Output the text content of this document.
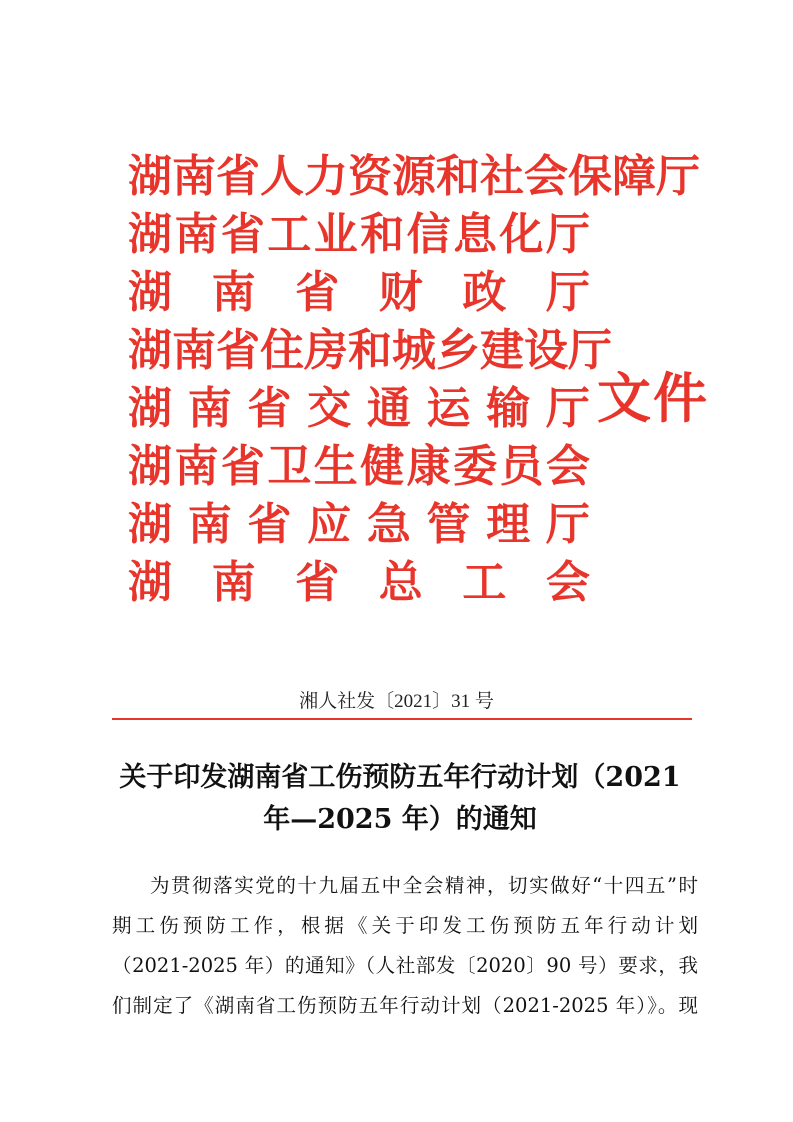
湖 南 省 人 力 资 源 和 社 会 保 障 厅
湖 南 省 工 业 和 信 息 化 厅
湖 南 省 财 政 厅
湖 南 省 住 房 和 城 乡 建 设 厅
湖 南 省 交 通 运 输 厅
湖 南 省 卫 生 健 康 委 员 会
湖 南 省 应 急 管 理 厅
湖 南 省 总 工 会
文件
湘人社发〔2021〕31 号
关于印发湖南省工伤预防五年行动计划（2021
年—2025 年）的通知
为贯彻落实党的十九届五中全会精神，切实做好“十四五”时
期工伤预防工作，根据《关于印发工伤预防五年行动计划
（2021-2025 年）的通知》（人社部发〔2020〕90 号）要求，我
们制定了《湖南省工伤预防五年行动计划（2021-2025 年）》。现
